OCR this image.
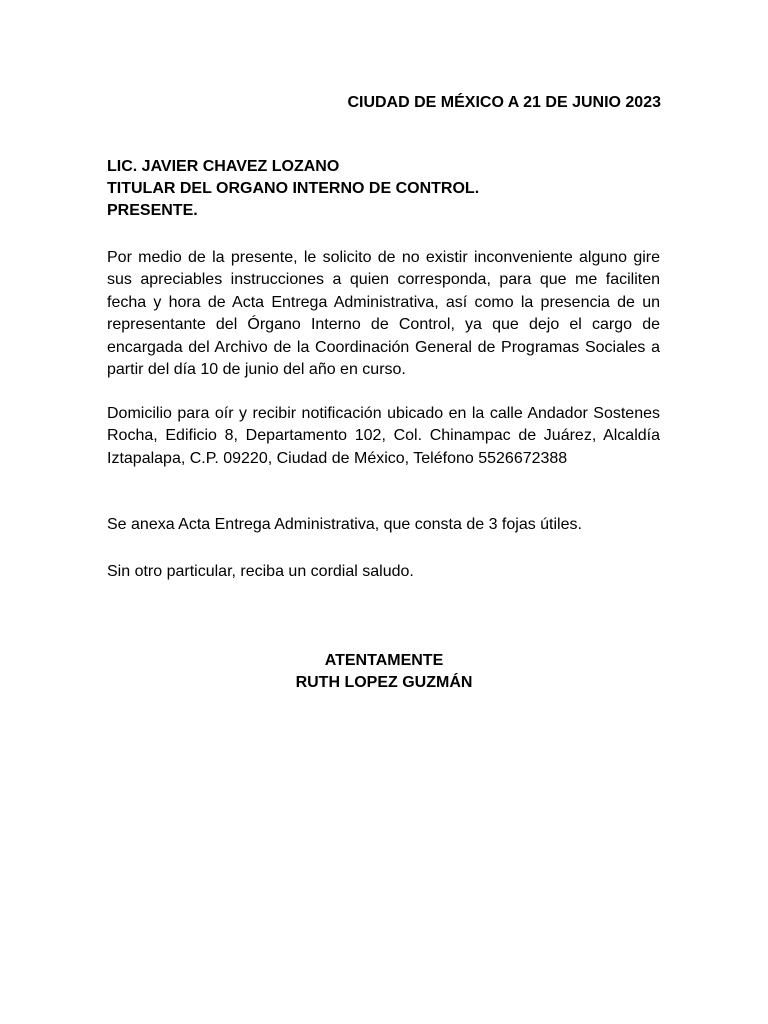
CIUDAD DE MÉXICO A 21 DE JUNIO 2023
LIC. JAVIER CHAVEZ LOZANO
TITULAR DEL ORGANO INTERNO DE CONTROL.
PRESENTE.

Por medio de la presente, le solicito de no existir inconveniente alguno gire sus apreciables instrucciones a quien corresponda, para que me faciliten fecha y hora de Acta Entrega Administrativa, así como la presencia de un representante del Órgano Interno de Control, ya que dejo el cargo de encargada del Archivo de la Coordinación General de Programas Sociales a partir del día 10 de junio del año en curso.

Domicilio para oír y recibir notificación ubicado en la calle Andador Sostenes Rocha, Edificio 8, Departamento 102, Col. Chinampac de Juárez, Alcaldía Iztapalapa, C.P. 09220, Ciudad de México, Teléfono 5526672388

Se anexa Acta Entrega Administrativa, que consta de 3 fojas útiles.

Sin otro particular, reciba un cordial saludo.

ATENTAMENTE
RUTH LOPEZ GUZMÁN
